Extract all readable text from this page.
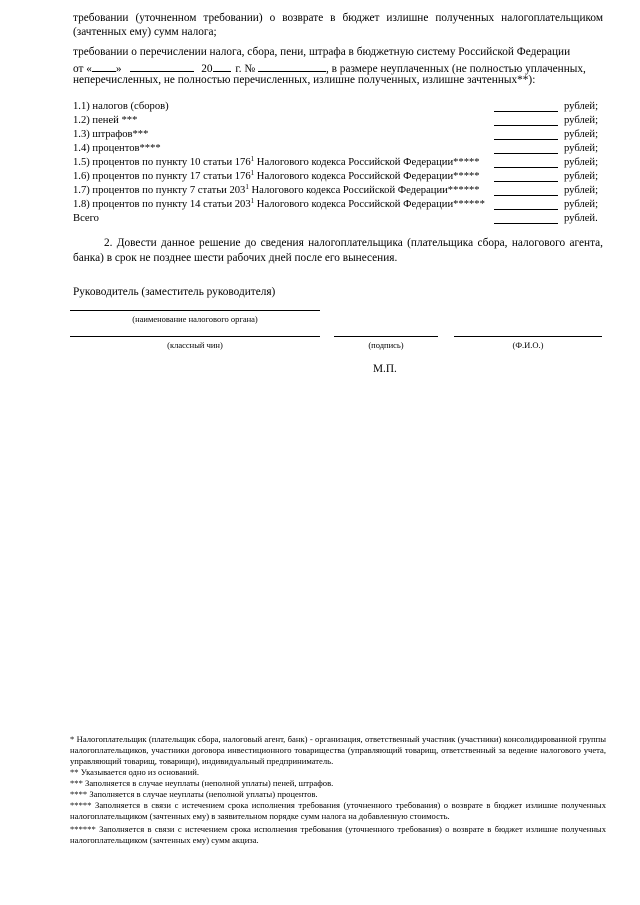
требовании (уточненном требовании) о возврате в бюджет излишне полученных налогоплательщиком (зачтенных ему) сумм налога;
требовании о перечислении налога, сбора, пени, штрафа в бюджетную систему Российской Федерации
от « »	20 г. №	, в размере неуплаченных (не полностью уплаченных,
неперечисленных, не полностью перечисленных, излишне полученных, излишне зачтенных**):
1.1) налогов (сборов)	рублей;
1.2) пеней ***	рублей;
1.3) штрафов***	рублей;
1.4) процентов****	рублей;
1.5) процентов по пункту 10 статьи $176^1$ Налогового кодекса Российской Федерации*****	рублей;
1.6) процентов по пункту 17 статьи $176^1$ Налогового кодекса Российской Федерации*****	рублей;
1.7) процентов по пункту 7 статьи $203^1$ Налогового кодекса Российской Федерации******	рублей;
1.8) процентов по пункту 14 статьи $203^1$ Налогового кодекса Российской Федерации******	рублей;
Всего	рублей.
2. Довести данное решение до сведения налогоплательщика (плательщика сбора, налогового агента, банка) в срок не позднее шести рабочих дней после его вынесения.
Руководитель (заместитель руководителя)
(наименование налогового органа)
(классный чин)	(подпись)	(Ф.И.О.)
М.П.
* Налогоплательщик (плательщик сбора, налоговый агент, банк) - организация, ответственный участник (участники) консолидированной группы налогоплательщиков, участники договора инвестиционного товарищества (управляющий товарищ, ответственный за ведение налогового учета, управляющий товарищ, товарищи), индивидуальный предприниматель.
** Указывается одно из оснований.
*** Заполняется в случае неуплаты (неполной уплаты) пеней, штрафов.
**** Заполняется в случае неуплаты (неполной уплаты) процентов.
***** Заполняется в связи с истечением срока исполнения требования (уточненного требования) о возврате в бюджет излишне полученных налогоплательщиком (зачтенных ему) в заявительном порядке сумм налога на добавленную стоимость.
****** Заполняется в связи с истечением срока исполнения требования (уточненного требования) о возврате в бюджет излишне полученных налогоплательщиком (зачтенных ему) сумм акциза.
